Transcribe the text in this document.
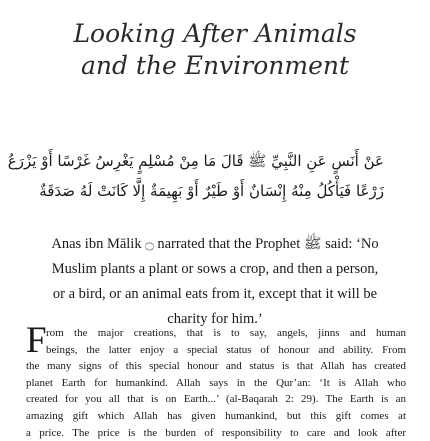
Looking After Animals
and the Environment
عَنْ أَنَسٍ عَنِ النَّبِيِّ ﷺ قَالَ مَا مِنْ مُسْلِمٍ يَغْرِسُ غَرْسًا أَوْ يَزْرَعُ
زَرْعًا فَيَأْكُلُ مِنْهُ إِنْسَانٌ أَوْ طَيْرٌ أَوْ بَهِيمَةٌ إِلَّا كَانَتْ لَهُ صَدَقَةٌ
Anas ibn Mālik ۝ narrated that the Prophet ﷺ said: ‘No
Muslim plants a plant or sows a crop, and then a person,
or a bird, or an animal eats from it, except that it will be
charity for him.’
F rom the major creations, that is to say, angels, jinns and human
beings, the latter enjoy a special status of honour and ability. From
the many signs of this special honour and status is that Allah has created
planet Earth for humankind. Allah says in the Qur’an: ‘It is Allah who
created for you all that is on Earth...’ (al-Baqarah 2: 29). The Earth is an
amazing gift which Allah has given humankind, but this gift comes at
a price. The price is the burden of responsibility to care and look after
